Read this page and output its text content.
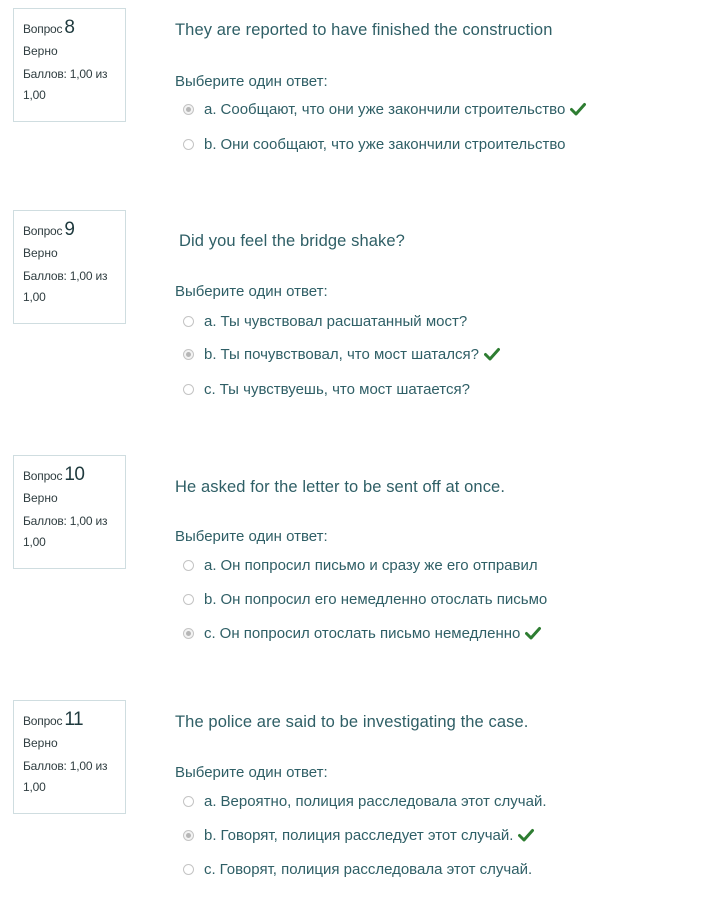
Вопрос 8
Верно
Баллов: 1,00 из 1,00
They are reported to have finished the construction
Выберите один ответ:
a. Сообщают, что они уже закончили строительство
b. Они сообщают, что уже закончили строительство
Вопрос 9
Верно
Баллов: 1,00 из 1,00
Did you feel the bridge shake?
Выберите один ответ:
a. Ты чувствовал расшатанный мост?
b. Ты почувствовал, что мост шатался?
c. Ты чувствуешь, что мост шатается?
Вопрос 10
Верно
Баллов: 1,00 из 1,00
He asked for the letter to be sent off at once.
Выберите один ответ:
a. Он попросил письмо и сразу же его отправил
b. Он попросил его немедленно отослать письмо
c. Он попросил отослать письмо немедленно
Вопрос 11
Верно
Баллов: 1,00 из 1,00
The police are said to be investigating the case.
Выберите один ответ:
a. Вероятно, полиция расследовала этот случай.
b. Говорят, полиция расследует этот случай.
c. Говорят, полиция расследовала этот случай.
